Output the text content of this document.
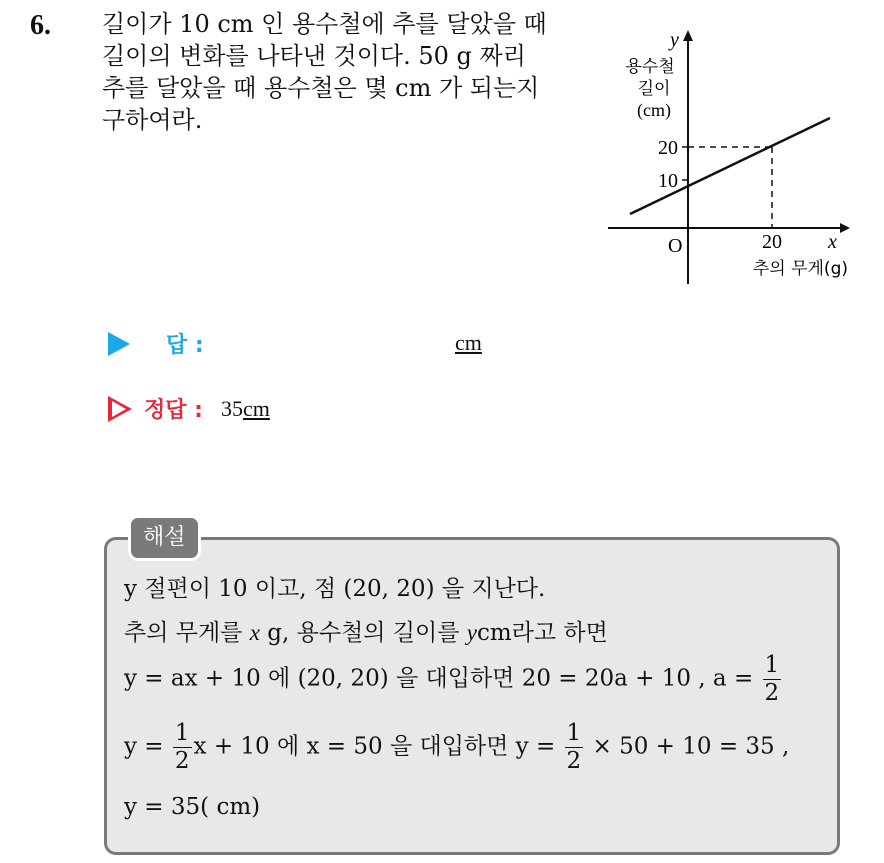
6. 길이가 10 cm 인 용수철에 추를 달았을 때
길이의 변화를 나타낸 것이다. 50 g 짜리
추를 달았을 때 용수철은 몇 cm 가 되는지
구하여라.
y
용수철
길이
(cm)
20
10
O	20 x
추의 무게(g)
답 :	cm
정답 : 35cm
해설
y 절편이 10 이고, 점 (20, 20) 을 지난다.
추의 무게를 x g, 용수철의 길이를 ycm라고 하면
y = ax + 10 에 (20, 20) 을 대입하면 20 = 20a + 10 , $a = \frac{1}{2}$
$y = \frac{1}{2}$ x + 10 에 x = 50 을 대입하면 $y = \frac{1}{2} \times 50 + 10 = 35$ ,
y = 35( cm)
